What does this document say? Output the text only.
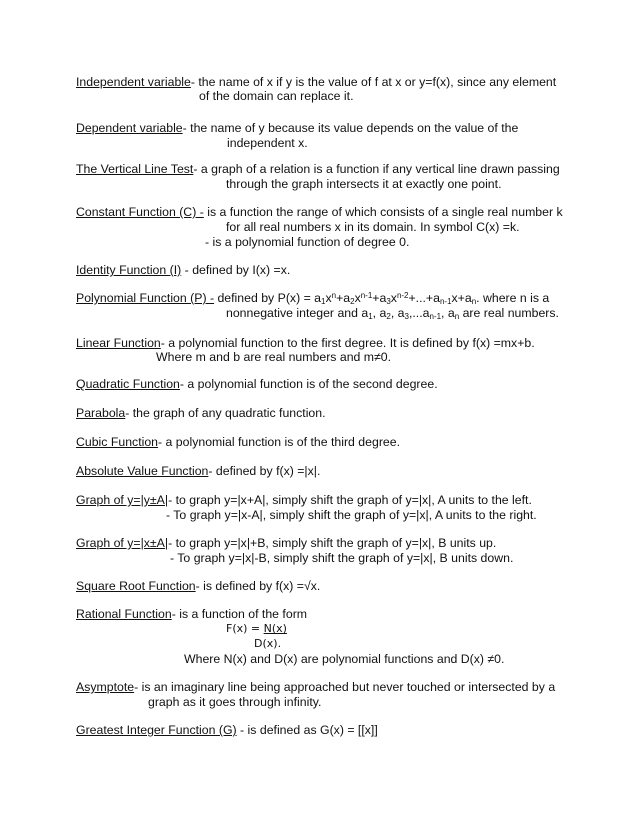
Independent variable- the name of x if y is the value of f at x or y=f(x), since any element
of the domain can replace it.
Dependent variable- the name of y because its value depends on the value of the
independent x.
The Vertical Line Test- a graph of a relation is a function if any vertical line drawn passing
through the graph intersects it at exactly one point.
Constant Function (C) - is a function the range of which consists of a single real number k
for all real numbers x in its domain. In symbol C(x) =k.
- is a polynomial function of degree 0.
Identity Function (I) - defined by I(x) =x.
Polynomial Function (P) - defined by $P(x) = a_1x^n+a_2x^{n-1}+a_3x^{n-2}+...+a_{n-1}x+a_n$. where n is a
nonnegative integer and $a_1$, $a_2$, $a_3,...a_{n-1}$, $a_n$ are real numbers.
Linear Function- a polynomial function to the first degree. It is defined by f(x) =mx+b.
Where m and b are real numbers and m≠0.
Quadratic Function- a polynomial function is of the second degree.
Parabola- the graph of any quadratic function.
Cubic Function- a polynomial function is of the third degree.
Absolute Value Function- defined by f(x) =|x|.
Graph of y=|y±A|- to graph y=|x+A|, simply shift the graph of y=|x|, A units to the left.
- To graph y=|x-A|, simply shift the graph of y=|x|, A units to the right.
Graph of y=|x±A|- to graph y=|x|+B, simply shift the graph of y=|x|, B units up.
- To graph y=|x|-B, simply shift the graph of y=|x|, B units down.
Square Root Function- is defined by f(x) =√x.
Rational Function- is a function of the form
F(x) = N(x)
D(x).
Where N(x) and D(x) are polynomial functions and D(x) ≠0.
Asymptote- is an imaginary line being approached but never touched or intersected by a
graph as it goes through infinity.
Greatest Integer Function (G) - is defined as G(x) = [[x]]
